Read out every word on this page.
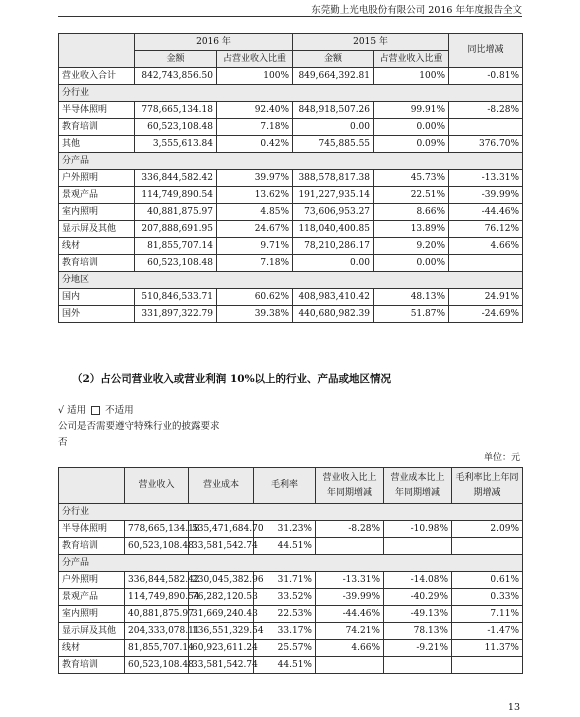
东莞勤上光电股份有限公司 2016 年年度报告全文
	2016 年		2015 年		同比增减
	金额	占营业收入比重	金额	占营业收入比重	
营业收入合计	842,743,856.50	100%	849,664,392.81	100%	-0.81%
分行业					
半导体照明	778,665,134.18	92.40%	848,918,507.26	99.91%	-8.28%
教育培训	60,523,108.48	7.18%	0.00	0.00%	
其他	3,555,613.84	0.42%	745,885.55	0.09%	376.70%
分产品					
户外照明	336,844,582.42	39.97%	388,578,817.38	45.73%	-13.31%
景观产品	114,749,890.54	13.62%	191,227,935.14	22.51%	-39.99%
室内照明	40,881,875.97	4.85%	73,606,953.27	8.66%	-44.46%
显示屏及其他	207,888,691.95	24.67%	118,040,400.85	13.89%	76.12%
线材	81,855,707.14	9.71%	78,210,286.17	9.20%	4.66%
教育培训	60,523,108.48	7.18%	0.00	0.00%	
分地区					
国内	510,846,533.71	60.62%	408,983,410.42	48.13%	24.91%
国外	331,897,322.79	39.38%	440,680,982.39	51.87%	-24.69%
（2）占公司营业收入或营业利润 10%以上的行业、产品或地区情况
√ 适用 不适用
公司是否需要遵守特殊行业的披露要求
否
单位：元
	营业收入	营业成本	毛利率	营业收入比上年同期增减	营业成本比上年同期增减	毛利率比上年同期增减
分行业						
半导体照明	778,665,134.18	535,471,684.70	31.23%	-8.28%	-10.98%	2.09%
教育培训	60,523,108.48	33,581,542.74	44.51%			
分产品						
户外照明	336,844,582.42	230,045,382.96	31.71%	-13.31%	-14.08%	0.61%
景观产品	114,749,890.54	76,282,120.53	33.52%	-39.99%	-40.29%	0.33%
室内照明	40,881,875.97	31,669,240.43	22.53%	-44.46%	-49.13%	7.11%
显示屏及其他	204,333,078.11	136,551,329.54	33.17%	74.21%	78.13%	-1.47%
线材	81,855,707.14	60,923,611.24	25.57%	4.66%	-9.21%	11.37%
教育培训	60,523,108.48	33,581,542.74	44.51%			
13
